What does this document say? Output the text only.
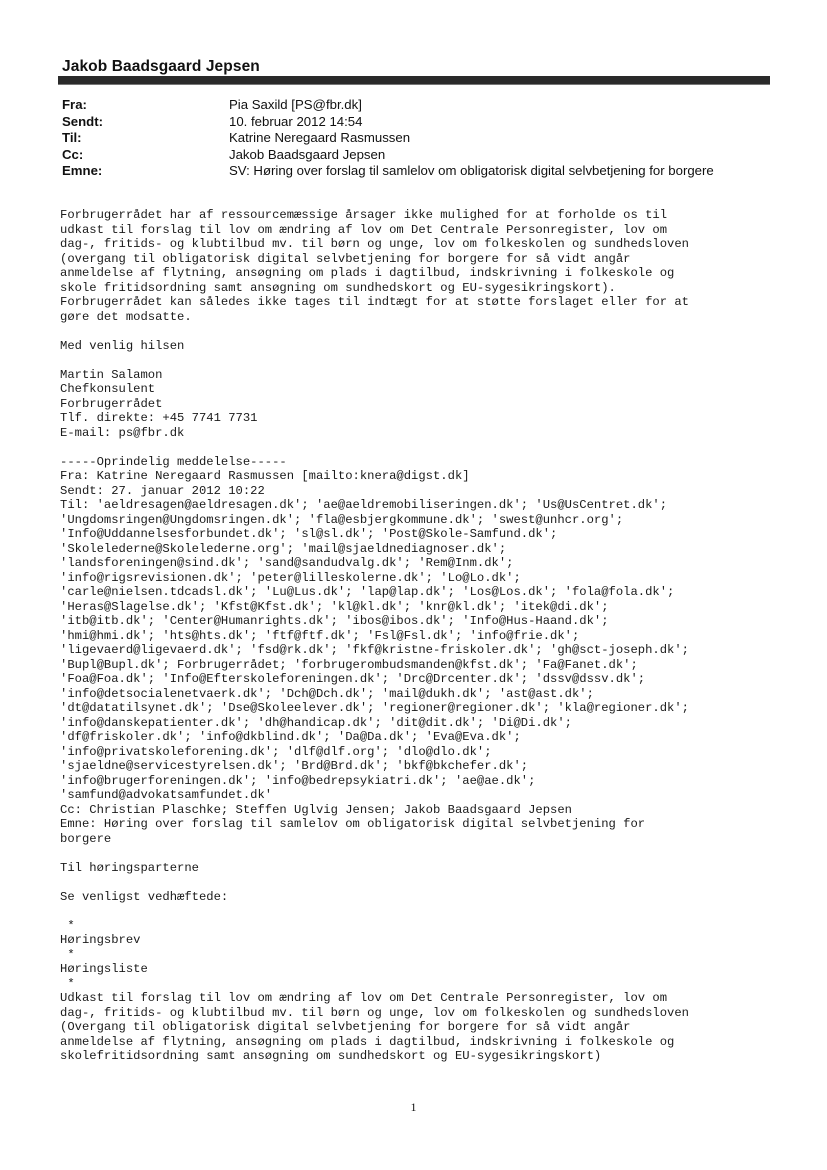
Jakob Baadsgaard Jepsen
Fra:	Pia Saxild [PS@fbr.dk]
Sendt:	10. februar 2012 14:54
Til:	Katrine Neregaard Rasmussen
Cc:	Jakob Baadsgaard Jepsen
Emne:	SV: Høring over forslag til samlelov om obligatorisk digital selvbetjening for borgere
Forbrugerrådet har af ressourcemæssige årsager ikke mulighed for at forholde os til
udkast til forslag til lov om ændring af lov om Det Centrale Personregister, lov om
dag-, fritids- og klubtilbud mv. til børn og unge, lov om folkeskolen og sundhedsloven
(overgang til obligatorisk digital selvbetjening for borgere for så vidt angår
anmeldelse af flytning, ansøgning om plads i dagtilbud, indskrivning i folkeskole og
skole fritidsordning samt ansøgning om sundhedskort og EU-sygesikringskort).
Forbrugerrådet kan således ikke tages til indtægt for at støtte forslaget eller for at
gøre det modsatte.

Med venlig hilsen

Martin Salamon
Chefkonsulent
Forbrugerrådet
Tlf. direkte: +45 7741 7731
E-mail: ps@fbr.dk

-----Oprindelig meddelelse-----
Fra: Katrine Neregaard Rasmussen [mailto:knera@digst.dk]
Sendt: 27. januar 2012 10:22
Til: 'aeldresagen@aeldresagen.dk'; 'ae@aeldremobiliseringen.dk'; 'Us@UsCentret.dk';
'Ungdomsringen@Ungdomsringen.dk'; 'fla@esbjergkommune.dk'; 'swest@unhcr.org';
'Info@Uddannelsesforbundet.dk'; 'sl@sl.dk'; 'Post@Skole-Samfund.dk';
'Skolelederne@Skolelederne.org'; 'mail@sjaeldnediagnoser.dk';
'landsforeningen@sind.dk'; 'sand@sandudvalg.dk'; 'Rem@Inm.dk';
'info@rigsrevisionen.dk'; 'peter@lilleskolerne.dk'; 'Lo@Lo.dk';
'carle@nielsen.tdcadsl.dk'; 'Lu@Lus.dk'; 'lap@lap.dk'; 'Los@Los.dk'; 'fola@fola.dk';
'Heras@Slagelse.dk'; 'Kfst@Kfst.dk'; 'kl@kl.dk'; 'knr@kl.dk'; 'itek@di.dk';
'itb@itb.dk'; 'Center@Humanrights.dk'; 'ibos@ibos.dk'; 'Info@Hus-Haand.dk';
'hmi@hmi.dk'; 'hts@hts.dk'; 'ftf@ftf.dk'; 'Fsl@Fsl.dk'; 'info@frie.dk';
'ligevaerd@ligevaerd.dk'; 'fsd@rk.dk'; 'fkf@kristne-friskoler.dk'; 'gh@sct-joseph.dk';
'Bupl@Bupl.dk'; Forbrugerrådet; 'forbrugerombudsmanden@kfst.dk'; 'Fa@Fanet.dk';
'Foa@Foa.dk'; 'Info@Efterskoleforeningen.dk'; 'Drc@Drcenter.dk'; 'dssv@dssv.dk';
'info@detsocialenetvaerk.dk'; 'Dch@Dch.dk'; 'mail@dukh.dk'; 'ast@ast.dk';
'dt@datatilsynet.dk'; 'Dse@Skoleelever.dk'; 'regioner@regioner.dk'; 'kla@regioner.dk';
'info@danskepatienter.dk'; 'dh@handicap.dk'; 'dit@dit.dk'; 'Di@Di.dk';
'df@friskoler.dk'; 'info@dkblind.dk'; 'Da@Da.dk'; 'Eva@Eva.dk';
'info@privatskoleforening.dk'; 'dlf@dlf.org'; 'dlo@dlo.dk';
'sjaeldne@servicestyrelsen.dk'; 'Brd@Brd.dk'; 'bkf@bkchefer.dk';
'info@brugerforeningen.dk'; 'info@bedrepsykiatri.dk'; 'ae@ae.dk';
'samfund@advokatsamfundet.dk'
Cc: Christian Plaschke; Steffen Uglvig Jensen; Jakob Baadsgaard Jepsen
Emne: Høring over forslag til samlelov om obligatorisk digital selvbetjening for
borgere

Til høringsparterne

Se venligst vedhæftede:

*
Høringsbrev
*
Høringsliste
*
Udkast til forslag til lov om ændring af lov om Det Centrale Personregister, lov om
dag-, fritids- og klubtilbud mv. til børn og unge, lov om folkeskolen og sundhedsloven
(Overgang til obligatorisk digital selvbetjening for borgere for så vidt angår
anmeldelse af flytning, ansøgning om plads i dagtilbud, indskrivning i folkeskole og
skolefritidsordning samt ansøgning om sundhedskort og EU-sygesikringskort)

1
